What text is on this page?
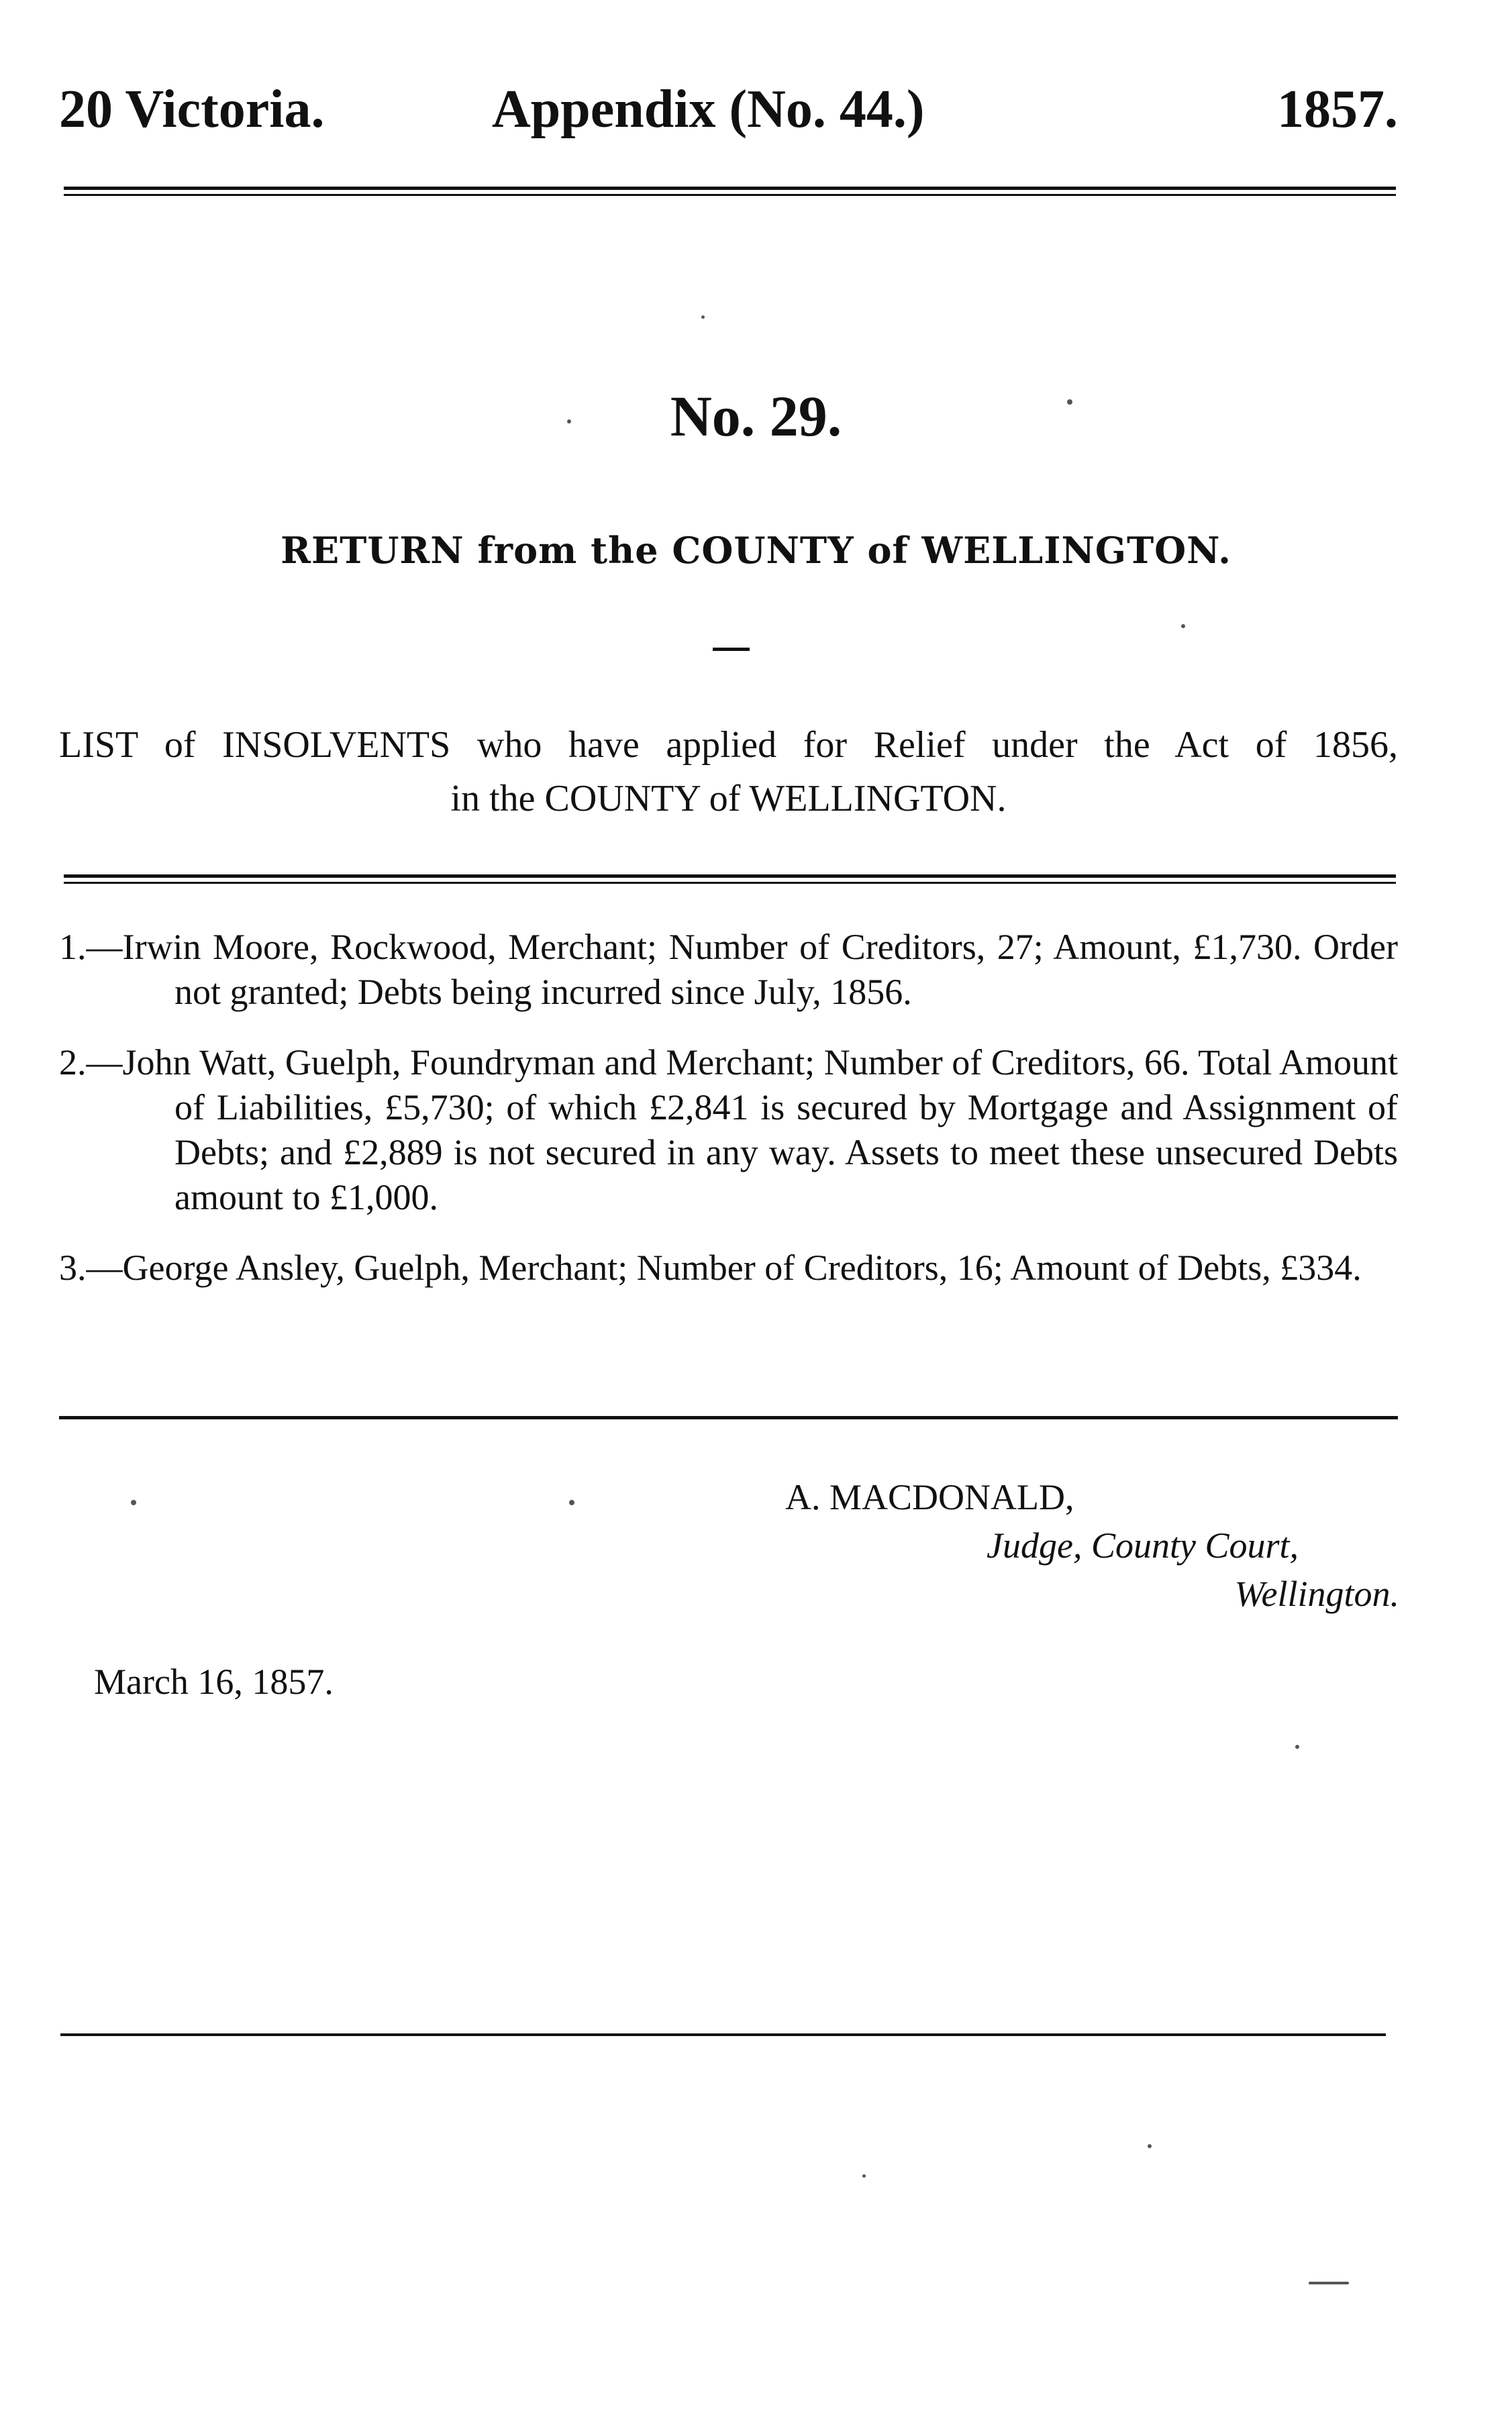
20 Victoria.	Appendix (No. 44.)	1857.
No. 29.
RETURN from the COUNTY of WELLINGTON.
LIST of INSOLVENTS who have applied for Relief under the Act of 1856,
in the COUNTY of WELLINGTON.
1.—Irwin Moore, Rockwood, Merchant; Number of Creditors, 27; Amount, £1,730. Order not granted; Debts being incurred since July, 1856.
2.—John Watt, Guelph, Foundryman and Merchant; Number of Creditors, 66. Total Amount of Liabilities, £5,730; of which £2,841 is secured by Mortgage and Assignment of Debts; and £2,889 is not secured in any way. Assets to meet these unsecured Debts amount to £1,000.
3.—George Ansley, Guelph, Merchant; Number of Creditors, 16; Amount of Debts, £334.
A. MACDONALD,
Judge, County Court,
Wellington.
March 16, 1857.
